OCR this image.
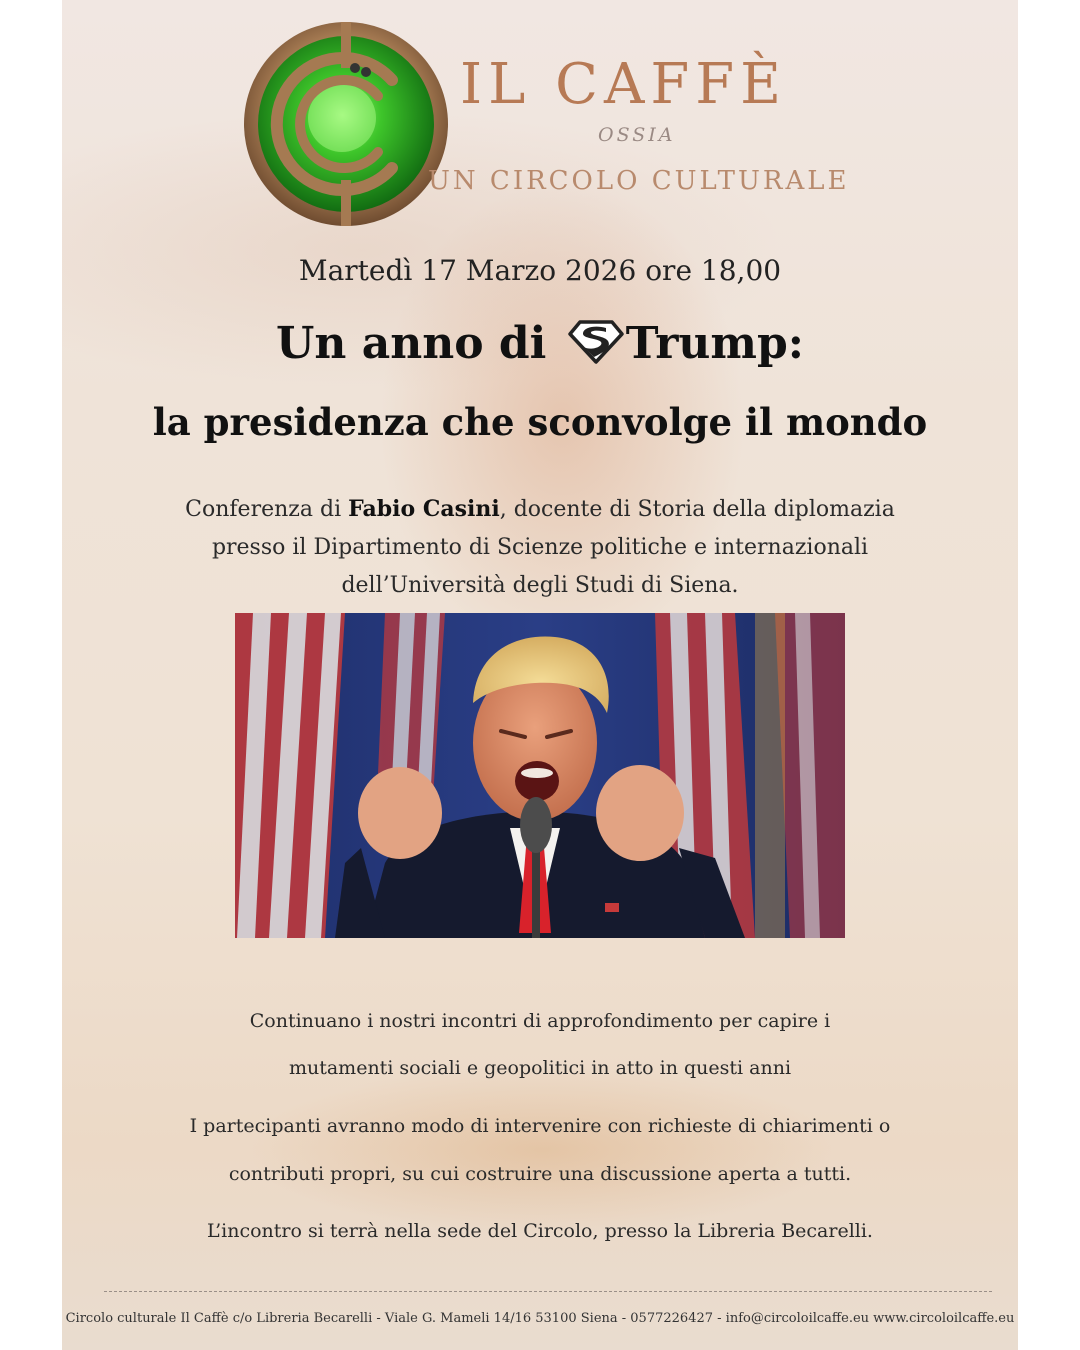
IL CAFFÈ
OSSIA
UN CIRCOLO CULTURALE
Martedì 17 Marzo 2026 ore 18,00
Un anno di Trump:
la presidenza che sconvolge il mondo
Conferenza di Fabio Casini, docente di Storia della diplomazia
presso il Dipartimento di Scienze politiche e internazionali
dell’Università degli Studi di Siena.
Continuano i nostri incontri di approfondimento per capire i
mutamenti sociali e geopolitici in atto in questi anni
I partecipanti avranno modo di intervenire con richieste di chiarimenti o
contributi propri, su cui costruire una discussione aperta a tutti.
L’incontro si terrà nella sede del Circolo, presso la Libreria Becarelli.
Circolo culturale Il Caffè c/o Libreria Becarelli - Viale G. Mameli 14/16 53100 Siena - 0577226427 - info@circoloilcaffe.eu www.circoloilcaffe.eu
